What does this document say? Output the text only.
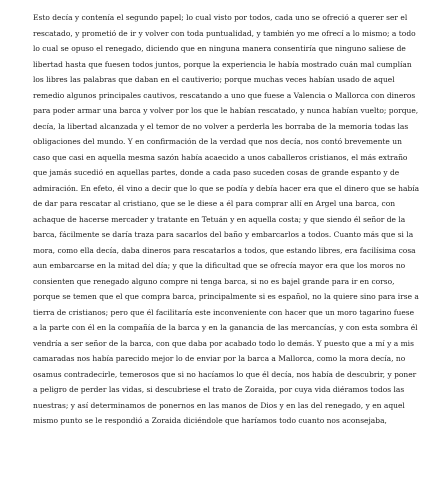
Esto decía y contenía el segundo papel; lo cual visto por todos, cada uno se ofreció a querer ser el
rescatado, y prometió de ir y volver con toda puntualidad, y también yo me ofrecí a lo mismo; a todo
lo cual se opuso el renegado, diciendo que en ninguna manera consentiría que ninguno saliese de
libertad hasta que fuesen todos juntos, porque la experiencia le había mostrado cuán mal cumplían
los libres las palabras que daban en el cautiverio; porque muchas veces habían usado de aquel
remedio algunos principales cautivos, rescatando a uno que fuese a Valencia o Mallorca con dineros
para poder armar una barca y volver por los que le habían rescatado, y nunca habían vuelto; porque,
decía, la libertad alcanzada y el temor de no volver a perderla les borraba de la memoria todas las
obligaciones del mundo. Y en confirmación de la verdad que nos decía, nos contó brevemente un
caso que casi en aquella mesma sazón había acaecido a unos caballeros cristianos, el más extraño
que jamás sucedió en aquellas partes, donde a cada paso suceden cosas de grande espanto y de
admiración. En efeto, él vino a decir que lo que se podía y debía hacer era que el dinero que se había
de dar para rescatar al cristiano, que se le diese a él para comprar allí en Argel una barca, con
achaque de hacerse mercader y tratante en Tetuán y en aquella costa; y que siendo él señor de la
barca, fácilmente se daría traza para sacarlos del baño y embarcarlos a todos. Cuanto más que si la
mora, como ella decía, daba dineros para rescatarlos a todos, que estando libres, era facilísima cosa
aun embarcarse en la mitad del día; y que la dificultad que se ofrecía mayor era que los moros no
consienten que renegado alguno compre ni tenga barca, si no es bajel grande para ir en corso,
porque se temen que el que compra barca, principalmente si es español, no la quiere sino para irse a
tierra de cristianos; pero que él facilitaría este inconveniente con hacer que un moro tagarino fuese
a la parte con él en la compañía de la barca y en la ganancia de las mercancías, y con esta sombra él
vendría a ser señor de la barca, con que daba por acabado todo lo demás. Y puesto que a mí y a mis
camaradas nos había parecido mejor lo de enviar por la barca a Mallorca, como la mora decía, no
osamus contradecirle, temerosos que si no hacíamos lo que él decía, nos había de descubrir, y poner
a peligro de perder las vidas, si descubriese el trato de Zoraida, por cuya vida diéramos todos las
nuestras; y así determinamos de ponernos en las manos de Dios y en las del renegado, y en aquel
mismo punto se le respondió a Zoraida diciéndole que haríamos todo cuanto nos aconsejaba,
